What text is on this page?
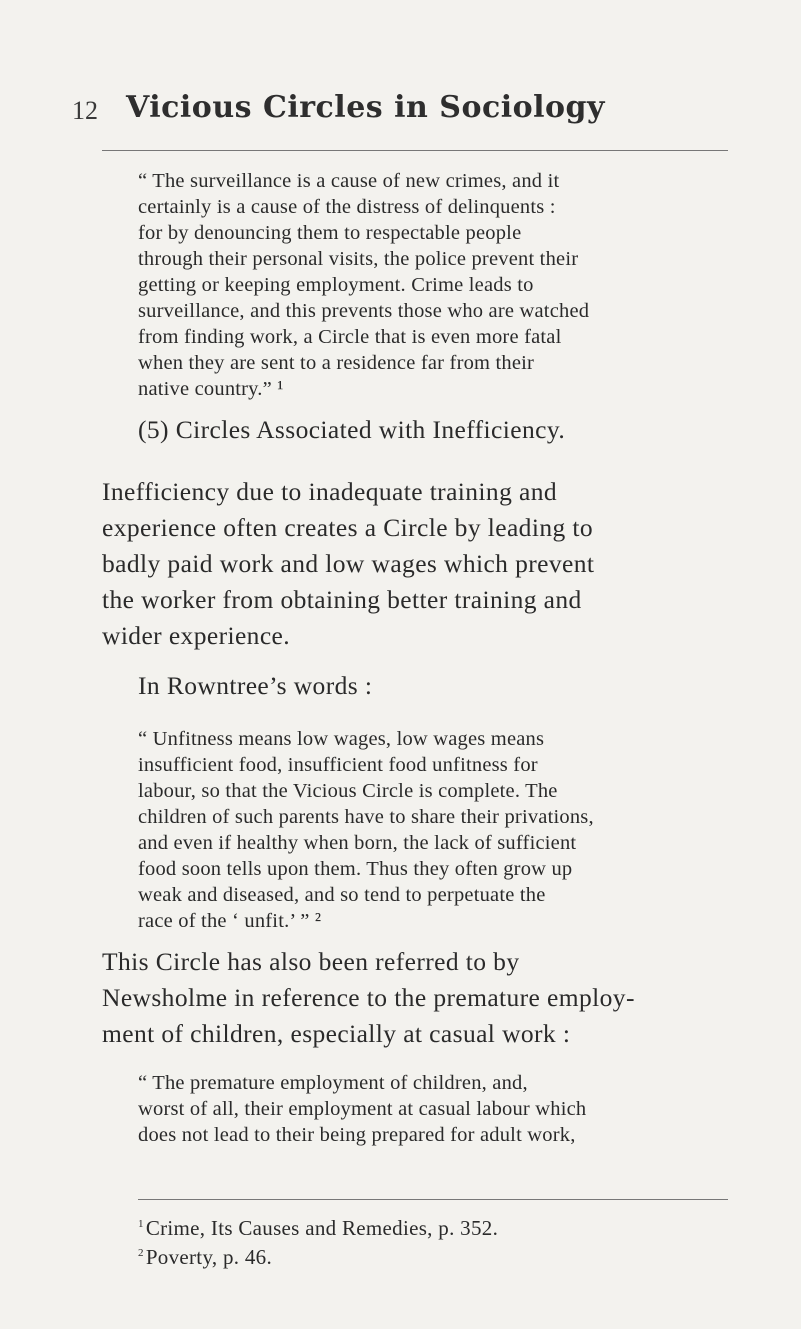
12 Vicious Circles in Sociology

“ The surveillance is a cause of new crimes, and it
certainly is a cause of the distress of delinquents :
for by denouncing them to respectable people
through their personal visits, the police prevent their
getting or keeping employment. Crime leads to
surveillance, and this prevents those who are watched
from finding work, a Circle that is even more fatal
when they are sent to a residence far from their
native country.” ¹

(5) Circles Associated with Inefficiency.

Inefficiency due to inadequate training and
experience often creates a Circle by leading to
badly paid work and low wages which prevent
the worker from obtaining better training and
wider experience.

In Rowntree’s words :

“ Unfitness means low wages, low wages means
insufficient food, insufficient food unfitness for
labour, so that the Vicious Circle is complete. The
children of such parents have to share their privations,
and even if healthy when born, the lack of sufficient
food soon tells upon them. Thus they often grow up
weak and diseased, and so tend to perpetuate the
race of the ‘ unfit.’ ” ²

This Circle has also been referred to by
Newsholme in reference to the premature employ-
ment of children, especially at casual work :

“ The premature employment of children, and,
worst of all, their employment at casual labour which
does not lead to their being prepared for adult work,

$^1$Crime, Its Causes and Remedies, p. 352.
$^2$Poverty, p. 46.
